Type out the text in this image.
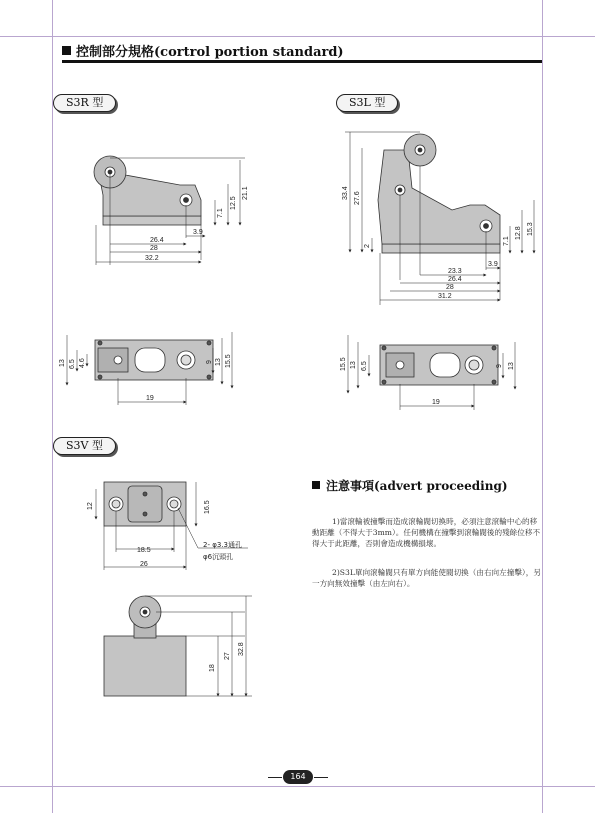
控制部分規格(cortrol portion standard)
S3R 型	S3L 型
S3V 型
3.9
26.4
28
32.2
21.1
12.5
7.1
13 6.5 4.6	9 13 15.5
19
33.4 27.6
2
7.1
12.8 15.3
3.9
23.3
26.4
28
31.2
15.5 13 6.5	9 13
19
12	16.5
18.5
26
2- φ3.3通孔
φ6沉頭孔
18
27
32.8
注意事項(advert proceeding)
1)當滾輪被撞擊而造成滾輪閥切換時，必須注意滾輪中心的移動距離（不得大于3mm）。任何機構在撞擊到滾輪閥後的殘餘位移不得大于此距離，否則會造成機構損壞。
2)S3L單向滾輪閥只有單方向能使閥切換（由右向左撞擊），另一方向無效撞擊（由左向右）。
164
